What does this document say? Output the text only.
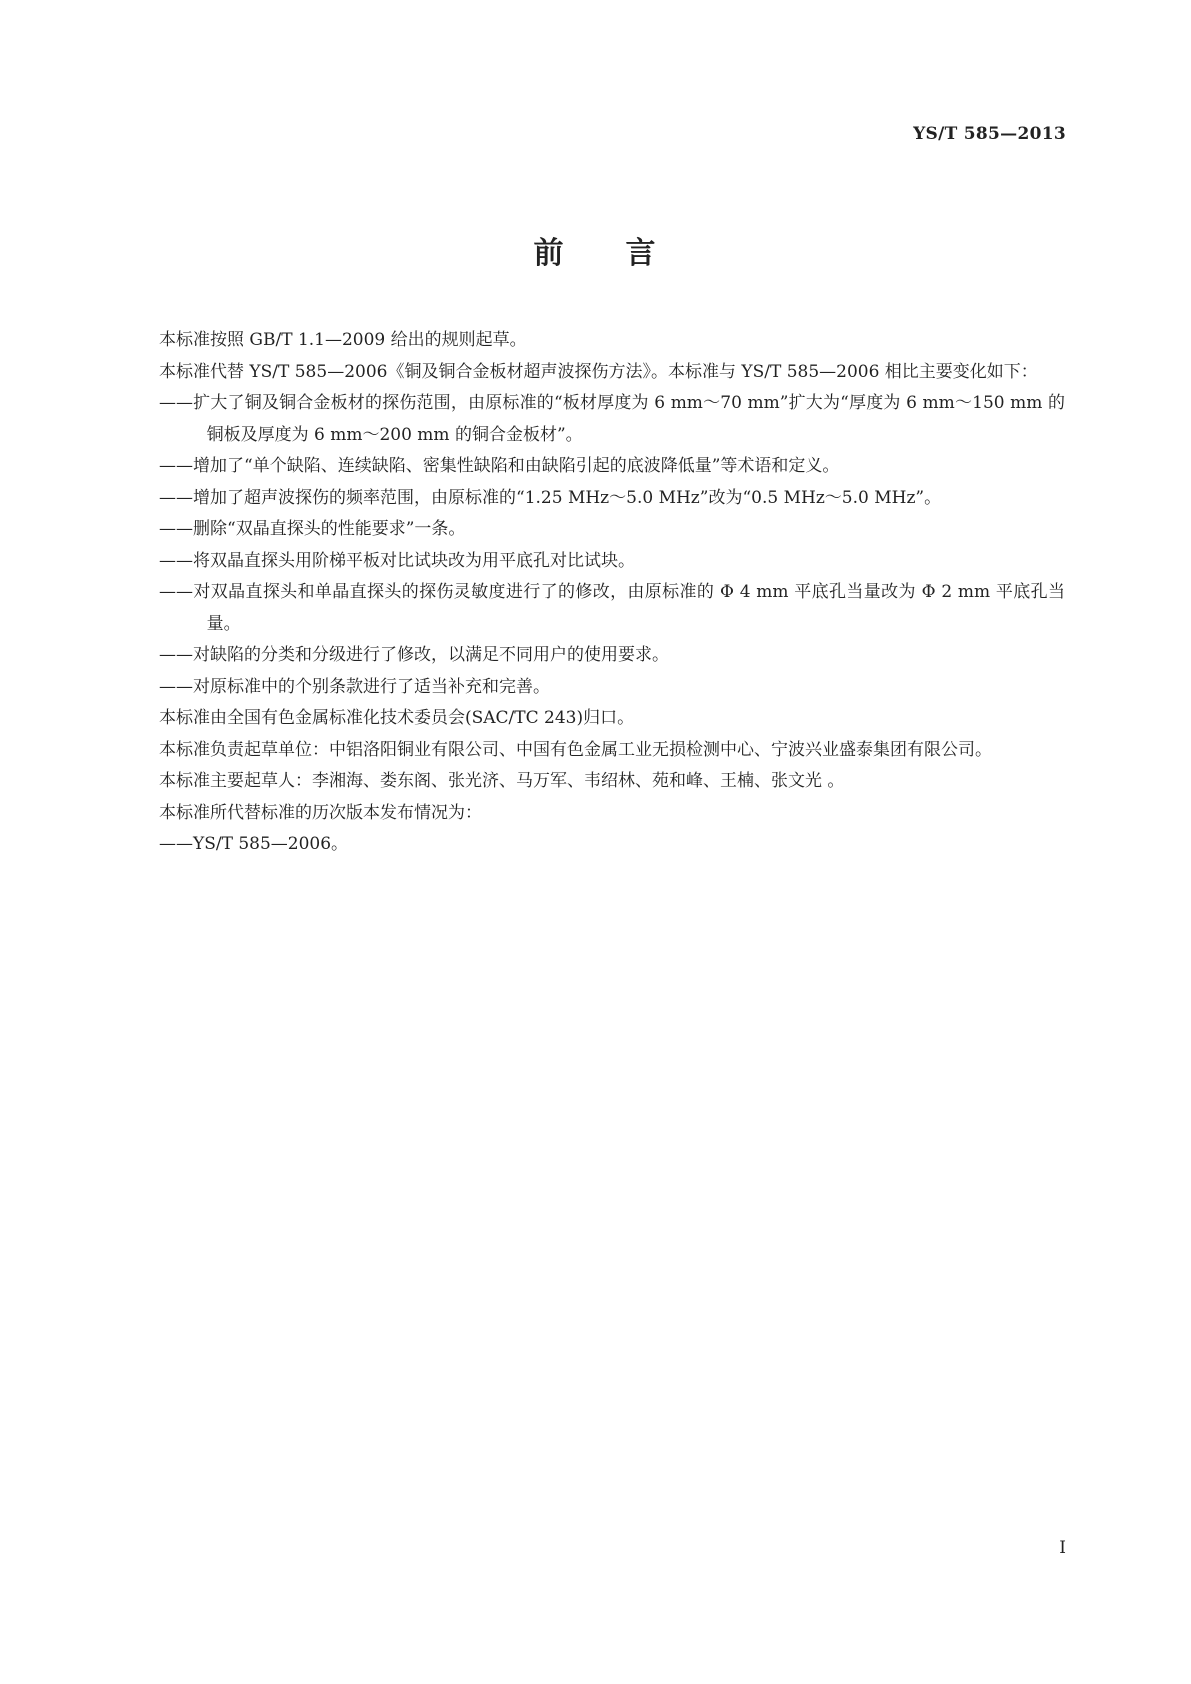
YS/T 585—2013
前 言

本标准按照 GB/T 1.1—2009 给出的规则起草。

本标准代替 YS/T 585—2006《铜及铜合金板材超声波探伤方法》。本标准与 YS/T 585—2006 相比主要变化如下：

——扩大了铜及铜合金板材的探伤范围，由原标准的“板材厚度为 6 mm～70 mm”扩大为“厚度为 6 mm～150 mm 的铜板及厚度为 6 mm～200 mm 的铜合金板材”。

——增加了“单个缺陷、连续缺陷、密集性缺陷和由缺陷引起的底波降低量”等术语和定义。

——增加了超声波探伤的频率范围，由原标准的“1.25 MHz～5.0 MHz”改为“0.5 MHz～5.0 MHz”。

——删除“双晶直探头的性能要求”一条。

——将双晶直探头用阶梯平板对比试块改为用平底孔对比试块。

——对双晶直探头和单晶直探头的探伤灵敏度进行了的修改，由原标准的 Φ 4 mm 平底孔当量改为 Φ 2 mm 平底孔当量。

——对缺陷的分类和分级进行了修改，以满足不同用户的使用要求。

——对原标准中的个别条款进行了适当补充和完善。

本标准由全国有色金属标准化技术委员会(SAC/TC 243)归口。

本标准负责起草单位：中铝洛阳铜业有限公司、中国有色金属工业无损检测中心、宁波兴业盛泰集团有限公司。

本标准主要起草人：李湘海、娄东阁、张光济、马万军、韦绍林、苑和峰、王楠、张文光 。

本标准所代替标准的历次版本发布情况为：

——YS/T 585—2006。

I
